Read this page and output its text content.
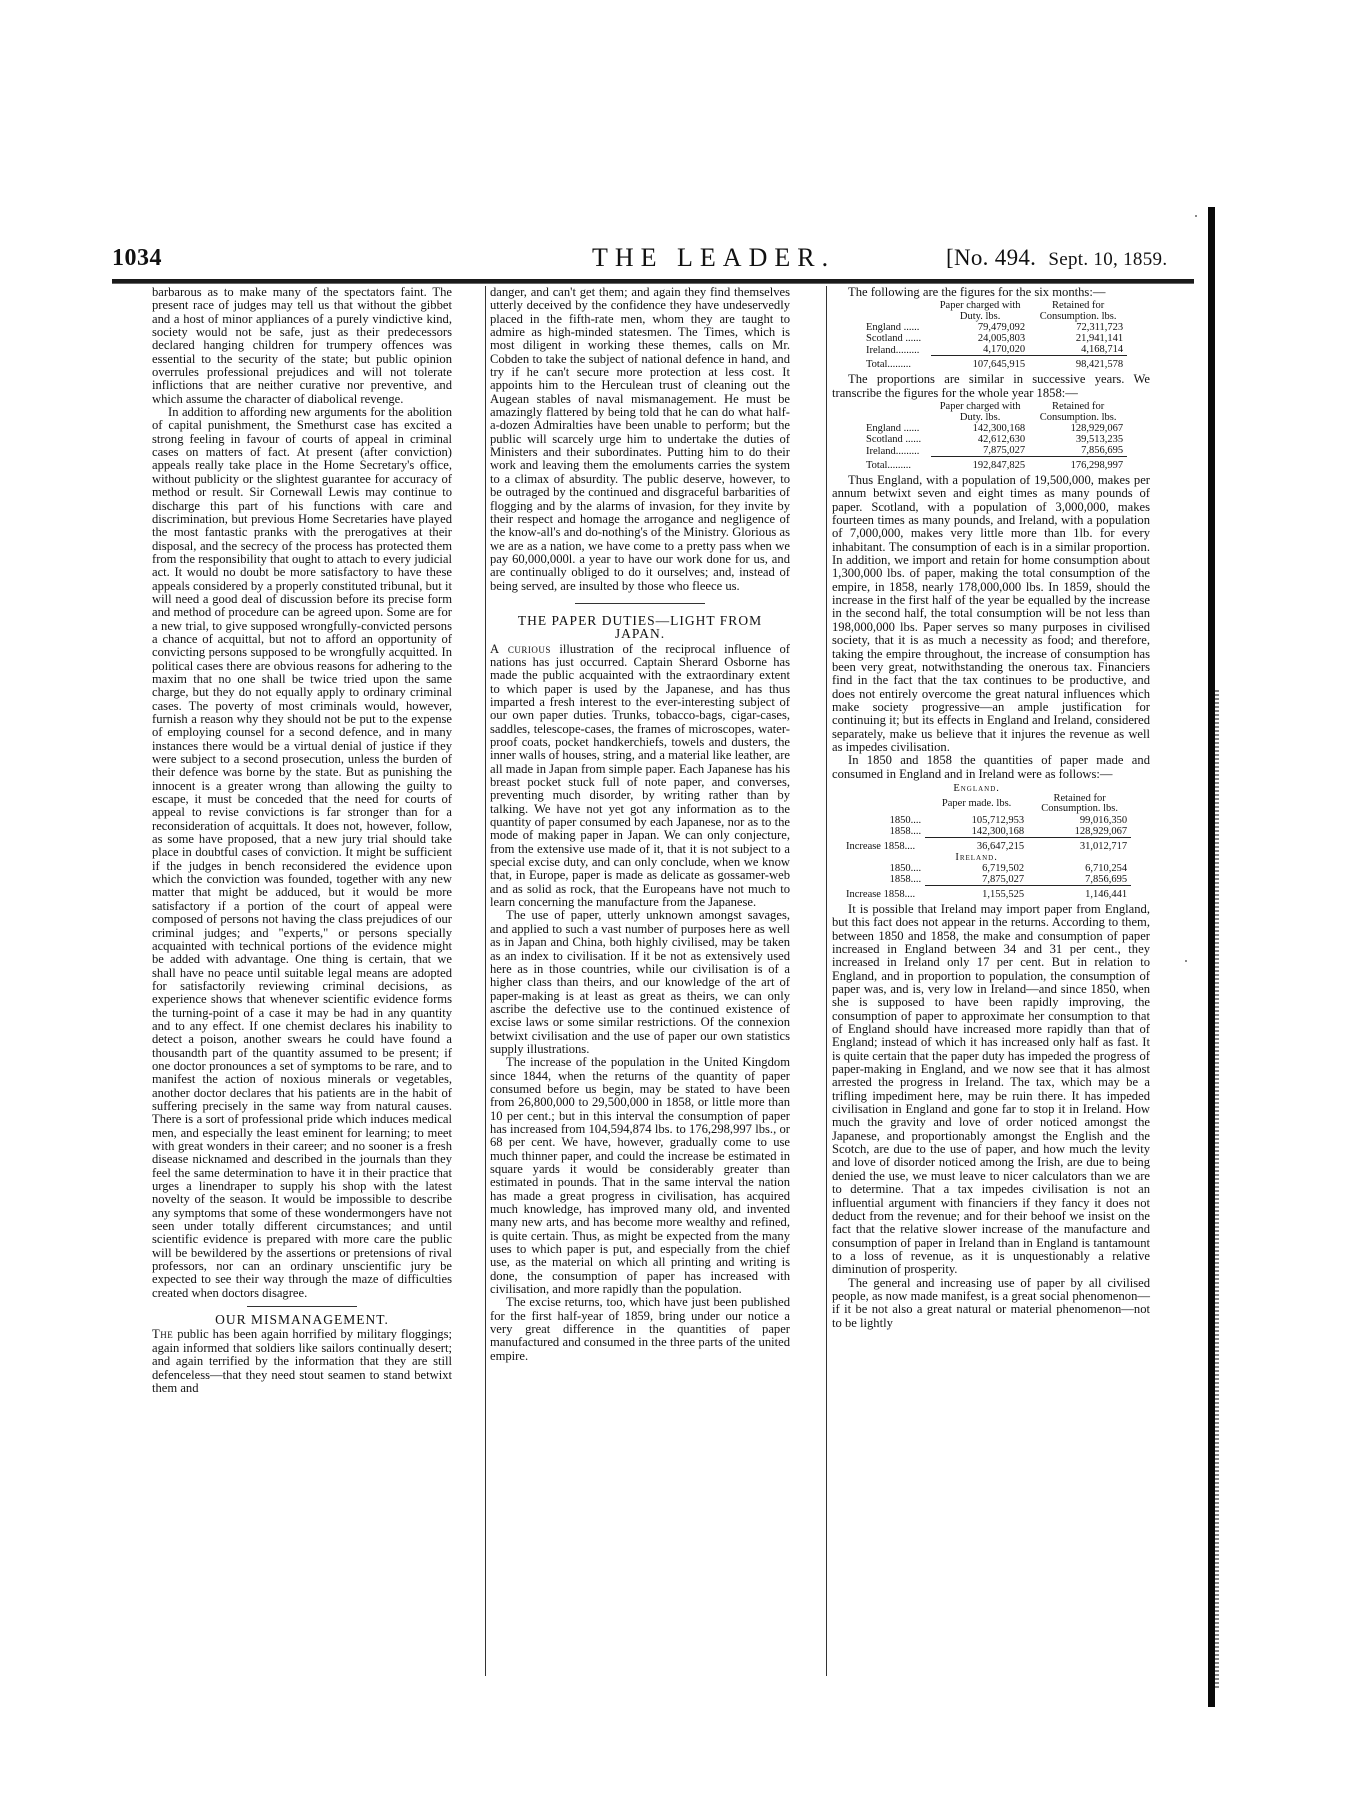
1034	THE LEADER.	[No. 494. Sept. 10, 1859.

barbarous as to make many of the spectators faint. The present race of judges may tell us that without the gibbet and a host of minor appliances of a purely vindictive kind, society would not be safe, just as their predecessors declared hanging children for trumpery offences was essential to the security of the state; but public opinion overrules professional prejudices and will not tolerate inflictions that are neither curative nor preventive, and which assume the character of diabolical revenge.

In addition to affording new arguments for the abolition of capital punishment, the Smethurst case has excited a strong feeling in favour of courts of appeal in criminal cases on matters of fact. At present (after conviction) appeals really take place in the Home Secretary's office, without publicity or the slightest guarantee for accuracy of method or result. Sir Cornewall Lewis may continue to discharge this part of his functions with care and discrimination, but previous Home Secretaries have played the most fantastic pranks with the prerogatives at their disposal, and the secrecy of the process has protected them from the responsibility that ought to attach to every judicial act. It would no doubt be more satisfactory to have these appeals considered by a properly constituted tribunal, but it will need a good deal of discussion before its precise form and method of procedure can be agreed upon. Some are for a new trial, to give supposed wrongfully-convicted persons a chance of acquittal, but not to afford an opportunity of convicting persons supposed to be wrongfully acquitted. In political cases there are obvious reasons for adhering to the maxim that no one shall be twice tried upon the same charge, but they do not equally apply to ordinary criminal cases. The poverty of most criminals would, however, furnish a reason why they should not be put to the expense of employing counsel for a second defence, and in many instances there would be a virtual denial of justice if they were subject to a second prosecution, unless the burden of their defence was borne by the state. But as punishing the innocent is a greater wrong than allowing the guilty to escape, it must be conceded that the need for courts of appeal to revise convictions is far stronger than for a reconsideration of acquittals. It does not, however, follow, as some have proposed, that a new jury trial should take place in doubtful cases of conviction. It might be sufficient if the judges in bench reconsidered the evidence upon which the conviction was founded, together with any new matter that might be adduced, but it would be more satisfactory if a portion of the court of appeal were composed of persons not having the class prejudices of our criminal judges; and "experts," or persons specially acquainted with technical portions of the evidence might be added with advantage. One thing is certain, that we shall have no peace until suitable legal means are adopted for satisfactorily reviewing criminal decisions, as experience shows that whenever scientific evidence forms the turning-point of a case it may be had in any quantity and to any effect. If one chemist declares his inability to detect a poison, another swears he could have found a thousandth part of the quantity assumed to be present; if one doctor pronounces a set of symptoms to be rare, and to manifest the action of noxious minerals or vegetables, another doctor declares that his patients are in the habit of suffering precisely in the same way from natural causes. There is a sort of professional pride which induces medical men, and especially the least eminent for learning; to meet with great wonders in their career; and no sooner is a fresh disease nicknamed and described in the journals than they feel the same determination to have it in their practice that urges a linendraper to supply his shop with the latest novelty of the season. It would be impossible to describe any symptoms that some of these wondermongers have not seen under totally different circumstances; and until scientific evidence is prepared with more care the public will be bewildered by the assertions or pretensions of rival professors, nor can an ordinary unscientific jury be expected to see their way through the maze of difficulties created when doctors disagree.

OUR MISMANAGEMENT.

The public has been again horrified by military floggings; again informed that soldiers like sailors continually desert; and again terrified by the information that they are still defenceless—that they need stout seamen to stand betwixt them and

danger, and can't get them; and again they find themselves utterly deceived by the confidence they have undeservedly placed in the fifth-rate men, whom they are taught to admire as high-minded statesmen. The Times, which is most diligent in working these themes, calls on Mr. Cobden to take the subject of national defence in hand, and try if he can't secure more protection at less cost. It appoints him to the Herculean trust of cleaning out the Augean stables of naval mismanagement. He must be amazingly flattered by being told that he can do what half-a-dozen Admiralties have been unable to perform; but the public will scarcely urge him to undertake the duties of Ministers and their subordinates. Putting him to do their work and leaving them the emoluments carries the system to a climax of absurdity. The public deserve, however, to be outraged by the continued and disgraceful barbarities of flogging and by the alarms of invasion, for they invite by their respect and homage the arrogance and negligence of the know-all's and do-nothing's of the Ministry. Glorious as we are as a nation, we have come to a pretty pass when we pay 60,000,000l. a year to have our work done for us, and are continually obliged to do it ourselves; and, instead of being served, are insulted by those who fleece us.

THE PAPER DUTIES—LIGHT FROM
JAPAN.

A curious illustration of the reciprocal influence of nations has just occurred. Captain Sherard Osborne has made the public acquainted with the extraordinary extent to which paper is used by the Japanese, and has thus imparted a fresh interest to the ever-interesting subject of our own paper duties. Trunks, tobacco-bags, cigar-cases, saddles, telescope-cases, the frames of microscopes, water-proof coats, pocket handkerchiefs, towels and dusters, the inner walls of houses, string, and a material like leather, are all made in Japan from simple paper. Each Japanese has his breast pocket stuck full of note paper, and converses, preventing much disorder, by writing rather than by talking. We have not yet got any information as to the quantity of paper consumed by each Japanese, nor as to the mode of making paper in Japan. We can only conjecture, from the extensive use made of it, that it is not subject to a special excise duty, and can only conclude, when we know that, in Europe, paper is made as delicate as gossamer-web and as solid as rock, that the Europeans have not much to learn concerning the manufacture from the Japanese.

The use of paper, utterly unknown amongst savages, and applied to such a vast number of purposes here as well as in Japan and China, both highly civilised, may be taken as an index to civilisation. If it be not as extensively used here as in those countries, while our civilisation is of a higher class than theirs, and our knowledge of the art of paper-making is at least as great as theirs, we can only ascribe the defective use to the continued existence of excise laws or some similar restrictions. Of the connexion betwixt civilisation and the use of paper our own statistics supply illustrations.

The increase of the population in the United Kingdom since 1844, when the returns of the quantity of paper consumed before us begin, may be stated to have been from 26,800,000 to 29,500,000 in 1858, or little more than 10 per cent.; but in this interval the consumption of paper has increased from 104,594,874 lbs. to 176,298,997 lbs., or 68 per cent. We have, however, gradually come to use much thinner paper, and could the increase be estimated in square yards it would be considerably greater than estimated in pounds. That in the same interval the nation has made a great progress in civilisation, has acquired much knowledge, has improved many old, and invented many new arts, and has become more wealthy and refined, is quite certain. Thus, as might be expected from the many uses to which paper is put, and especially from the chief use, as the material on which all printing and writing is done, the consumption of paper has increased with civilisation, and more rapidly than the population.

The excise returns, too, which have just been published for the first half-year of 1859, bring under our notice a very great difference in the quantities of paper manufactured and consumed in the three parts of the united empire.

The following are the figures for the six months:—

	Paper charged with Duty. lbs.	Retained for Consumption. lbs.
England ......	79,479,092	72,311,723
Scotland ......	24,005,803	21,941,141
Ireland.........	4,170,020	4,168,714
Total.........	107,645,915	98,421,578

The proportions are similar in successive years. We transcribe the figures for the whole year 1858:—

	Paper charged with Duty. lbs.	Retained for Consumption. lbs.
England ......	142,300,168	128,929,067
Scotland ......	42,612,630	39,513,235
Ireland.........	7,875,027	7,856,695
Total.........	192,847,825	176,298,997

Thus England, with a population of 19,500,000, makes per annum betwixt seven and eight times as many pounds of paper. Scotland, with a population of 3,000,000, makes fourteen times as many pounds, and Ireland, with a population of 7,000,000, makes very little more than 1lb. for every inhabitant. The consumption of each is in a similar proportion. In addition, we import and retain for home consumption about 1,300,000 lbs. of paper, making the total consumption of the empire, in 1858, nearly 178,000,000 lbs. In 1859, should the increase in the first half of the year be equalled by the increase in the second half, the total consumption will be not less than 198,000,000 lbs. Paper serves so many purposes in civilised society, that it is as much a necessity as food; and therefore, taking the empire throughout, the increase of consumption has been very great, notwithstanding the onerous tax. Financiers find in the fact that the tax continues to be productive, and does not entirely overcome the great natural influences which make society progressive—an ample justification for continuing it; but its effects in England and Ireland, considered separately, make us believe that it injures the revenue as well as impedes civilisation.

In 1850 and 1858 the quantities of paper made and consumed in England and in Ireland were as follows:—

	England.	
	Paper made. lbs.	Retained for Consumption. lbs.
1850....	105,712,953	99,016,350
1858....	142,300,168	128,929,067
Increase 1858....	36,647,215	31,012,717
	Ireland.	
1850....	6,719,502	6,710,254
1858....	7,875,027	7,856,695
Increase 1858....	1,155,525	1,146,441

It is possible that Ireland may import paper from England, but this fact does not appear in the returns. According to them, between 1850 and 1858, the make and consumption of paper increased in England between 34 and 31 per cent., they increased in Ireland only 17 per cent. But in relation to England, and in proportion to population, the consumption of paper was, and is, very low in Ireland—and since 1850, when she is supposed to have been rapidly improving, the consumption of paper to approximate her consumption to that of England should have increased more rapidly than that of England; instead of which it has increased only half as fast. It is quite certain that the paper duty has impeded the progress of paper-making in England, and we now see that it has almost arrested the progress in Ireland. The tax, which may be a trifling impediment here, may be ruin there. It has impeded civilisation in England and gone far to stop it in Ireland. How much the gravity and love of order noticed amongst the Japanese, and proportionably amongst the English and the Scotch, are due to the use of paper, and how much the levity and love of disorder noticed among the Irish, are due to being denied the use, we must leave to nicer calculators than we are to determine. That a tax impedes civilisation is not an influential argument with financiers if they fancy it does not deduct from the revenue; and for their behoof we insist on the fact that the relative slower increase of the manufacture and consumption of paper in Ireland than in England is tantamount to a loss of revenue, as it is unquestionably a relative diminution of prosperity.

The general and increasing use of paper by all civilised people, as now made manifest, is a great social phenomenon—if it be not also a great natural or material phenomenon—not to be lightly
